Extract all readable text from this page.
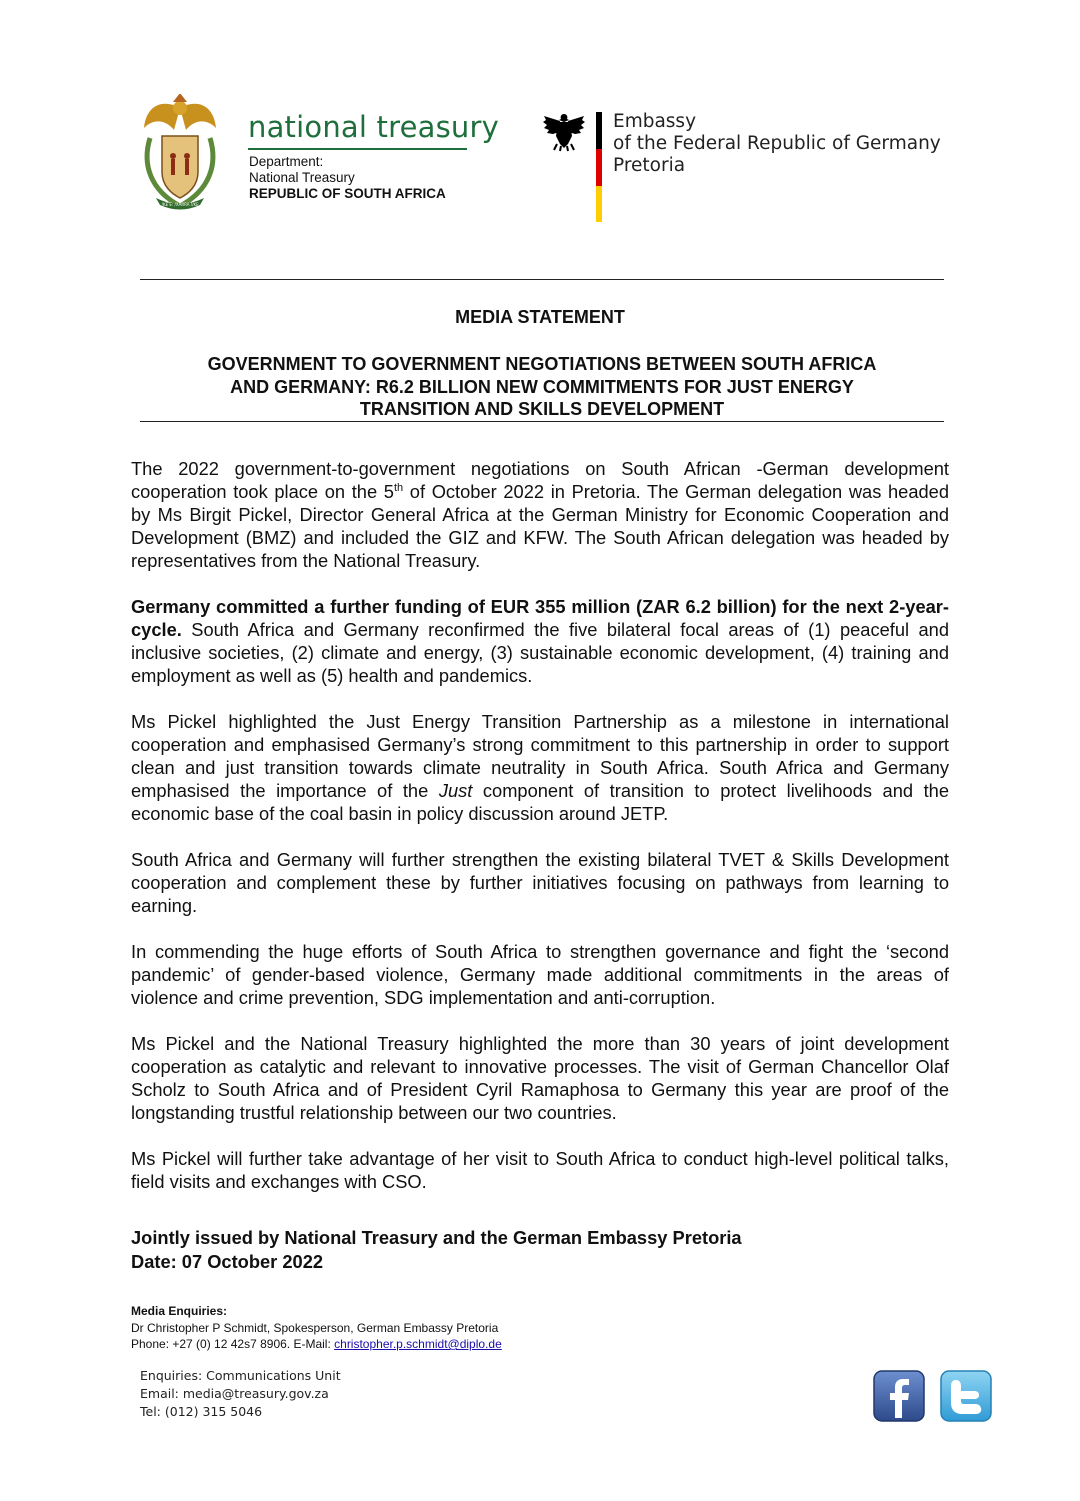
!KE E: /XARRA //KE
national treasury
Department:
National Treasury
REPUBLIC OF SOUTH AFRICA
Embassy
of the Federal Republic of Germany
Pretoria
MEDIA STATEMENT
GOVERNMENT TO GOVERNMENT NEGOTIATIONS BETWEEN SOUTH AFRICA
AND GERMANY: R6.2 BILLION NEW COMMITMENTS FOR JUST ENERGY
TRANSITION AND SKILLS DEVELOPMENT

The 2022 government-to-government negotiations on South African -German development cooperation took place on the 5th of October 2022 in Pretoria. The German delegation was headed by Ms Birgit Pickel, Director General Africa at the German Ministry for Economic Cooperation and Development (BMZ) and included the GIZ and KFW. The South African delegation was headed by representatives from the National Treasury.

Germany committed a further funding of EUR 355 million (ZAR 6.2 billion) for the next 2-year-cycle. South Africa and Germany reconfirmed the five bilateral focal areas of (1) peaceful and inclusive societies, (2) climate and energy, (3) sustainable economic development, (4) training and employment as well as (5) health and pandemics.

Ms Pickel highlighted the Just Energy Transition Partnership as a milestone in international cooperation and emphasised Germany’s strong commitment to this partnership in order to support clean and just transition towards climate neutrality in South Africa. South Africa and Germany emphasised the importance of the Just component of transition to protect livelihoods and the economic base of the coal basin in policy discussion around JETP.

South Africa and Germany will further strengthen the existing bilateral TVET & Skills Development cooperation and complement these by further initiatives focusing on pathways from learning to earning.

In commending the huge efforts of South Africa to strengthen governance and fight the ‘second pandemic’ of gender-based violence, Germany made additional commitments in the areas of violence and crime prevention, SDG implementation and anti-corruption.

Ms Pickel and the National Treasury highlighted the more than 30 years of joint development cooperation as catalytic and relevant to innovative processes. The visit of German Chancellor Olaf Scholz to South Africa and of President Cyril Ramaphosa to Germany this year are proof of the longstanding trustful relationship between our two countries.

Ms Pickel will further take advantage of her visit to South Africa to conduct high-level political talks, field visits and exchanges with CSO.

Jointly issued by National Treasury and the German Embassy Pretoria
Date: 07 October 2022
Media Enquiries:
Dr Christopher P Schmidt, Spokesperson, German Embassy Pretoria
Phone: +27 (0) 12 42s7 8906. E-Mail: christopher.p.schmidt@diplo.de
Enquiries: Communications Unit
Email: media@treasury.gov.za
Tel: (012) 315 5046
